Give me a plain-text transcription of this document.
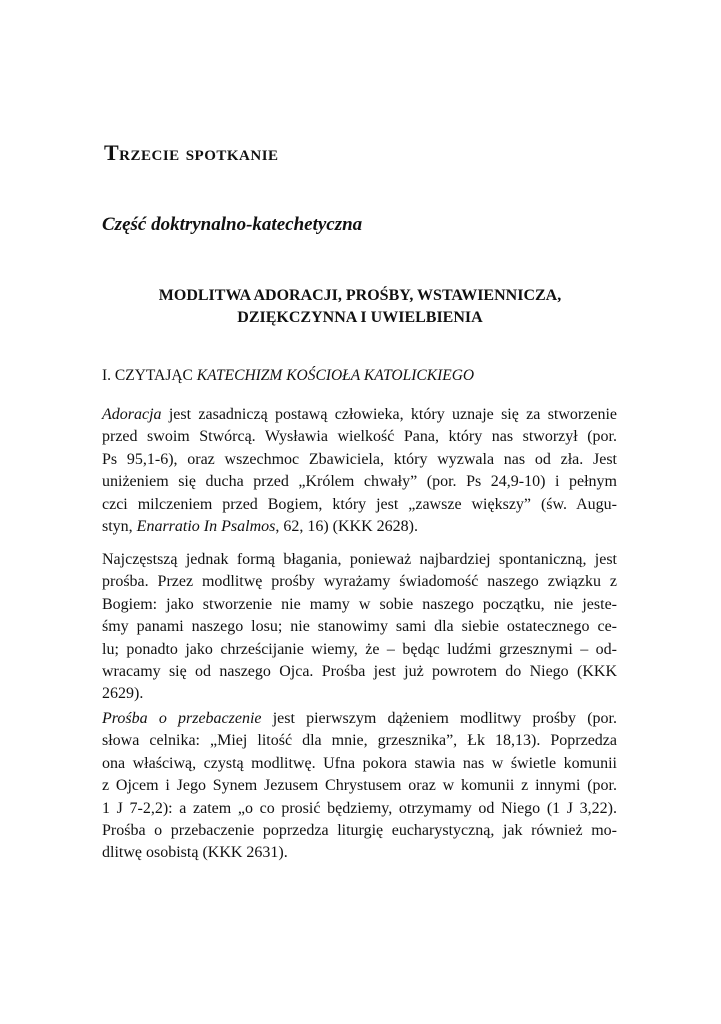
Trzecie spotkanie
Część doktrynalno-katechetyczna
MODLITWA ADORACJI, PROŚBY, WSTAWIENNICZA,
DZIĘKCZYNNA I UWIELBIENIA

I. CZYTAJĄC KATECHIZM KOŚCIOŁA KATOLICKIEGO

Adoracja jest zasadniczą postawą człowieka, który uznaje się za stworzenie
przed swoim Stwórcą. Wysławia wielkość Pana, który nas stworzył (por.
Ps 95,1-6), oraz wszechmoc Zbawiciela, który wyzwala nas od zła. Jest
uniżeniem się ducha przed „Królem chwały” (por. Ps 24,9-10) i pełnym
czci milczeniem przed Bogiem, który jest „zawsze większy” (św. Augu-
styn, Enarratio In Psalmos, 62, 16) (KKK 2628).

Najczęstszą jednak formą błagania, ponieważ najbardziej spontaniczną, jest
prośba. Przez modlitwę prośby wyrażamy świadomość naszego związku z
Bogiem: jako stworzenie nie mamy w sobie naszego początku, nie jeste-
śmy panami naszego losu; nie stanowimy sami dla siebie ostatecznego ce-
lu; ponadto jako chrześcijanie wiemy, że – będąc ludźmi grzesznymi – od-
wracamy się od naszego Ojca. Prośba jest już powrotem do Niego (KKK
2629).

Prośba o przebaczenie jest pierwszym dążeniem modlitwy prośby (por.
słowa celnika: „Miej litość dla mnie, grzesznika”, Łk 18,13). Poprzedza
ona właściwą, czystą modlitwę. Ufna pokora stawia nas w świetle komunii
z Ojcem i Jego Synem Jezusem Chrystusem oraz w komunii z innymi (por.
1 J 7-2,2): a zatem „o co prosić będziemy, otrzymamy od Niego (1 J 3,22).
Prośba o przebaczenie poprzedza liturgię eucharystyczną, jak również mo-
dlitwę osobistą (KKK 2631).
